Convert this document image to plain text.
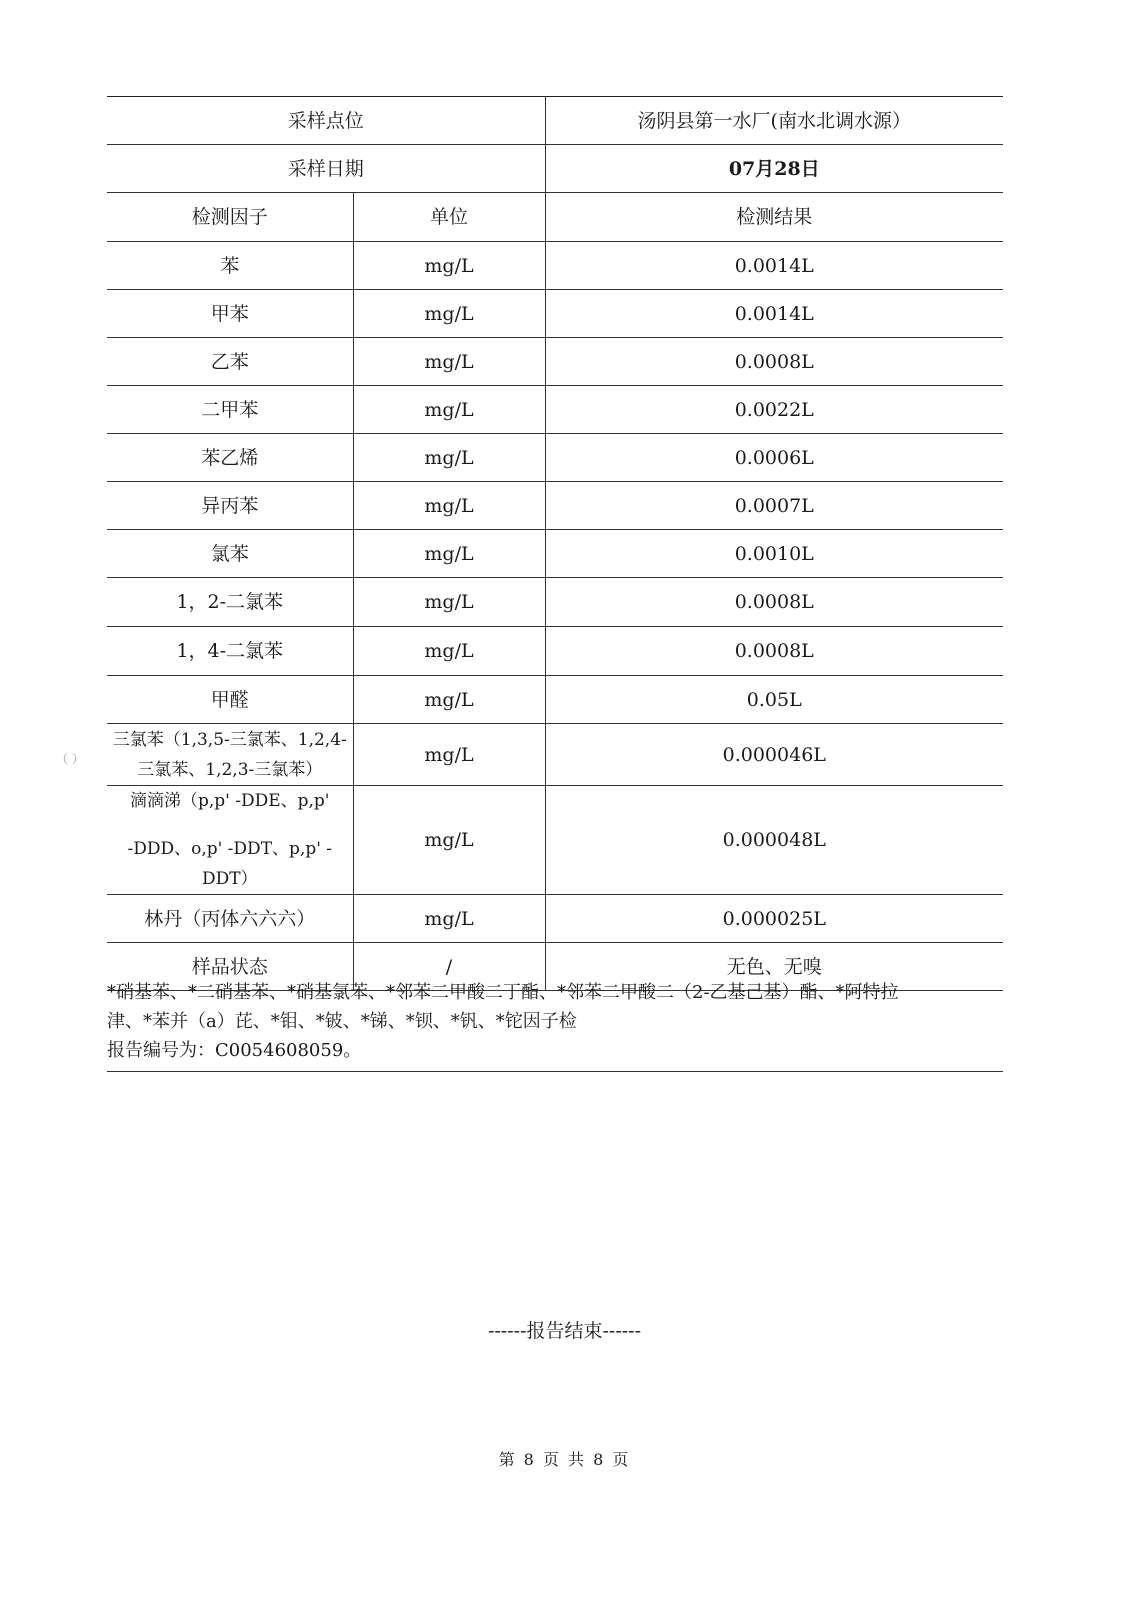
（ ）
采样点位		汤阴县第一水厂(南水北调水源）
采样日期		07月28日
检测因子	单位	检测结果
苯	mg/L	0.0014L
甲苯	mg/L	0.0014L
乙苯	mg/L	0.0008L
二甲苯	mg/L	0.0022L
苯乙烯	mg/L	0.0006L
异丙苯	mg/L	0.0007L
氯苯	mg/L	0.0010L
1，2-二氯苯	mg/L	0.0008L
1，4-二氯苯	mg/L	0.0008L
甲醛	mg/L	0.05L

三氯苯（1,3,5-三氯苯、1,2,4-
三氯苯、1,2,3-三氯苯）	mg/L	0.000046L

滴滴涕（p,p' -DDE、p,p'
-DDD、o,p' -DDT、p,p' -DDT）	mg/L	0.000048L
林丹（丙体六六六）	mg/L	0.000025L
样品状态	/	无色、无嗅

*硝基苯、*二硝基苯、*硝基氯苯、*邻苯二甲酸二丁酯、*邻苯二甲酸二（2-乙基己基）酯、*阿特拉

津、*苯并（a）芘、*钼、*铍、*锑、*钡、*钒、*铊因子检

报告编号为：C0054608059。

------报告结束------
第 8 页 共 8 页
